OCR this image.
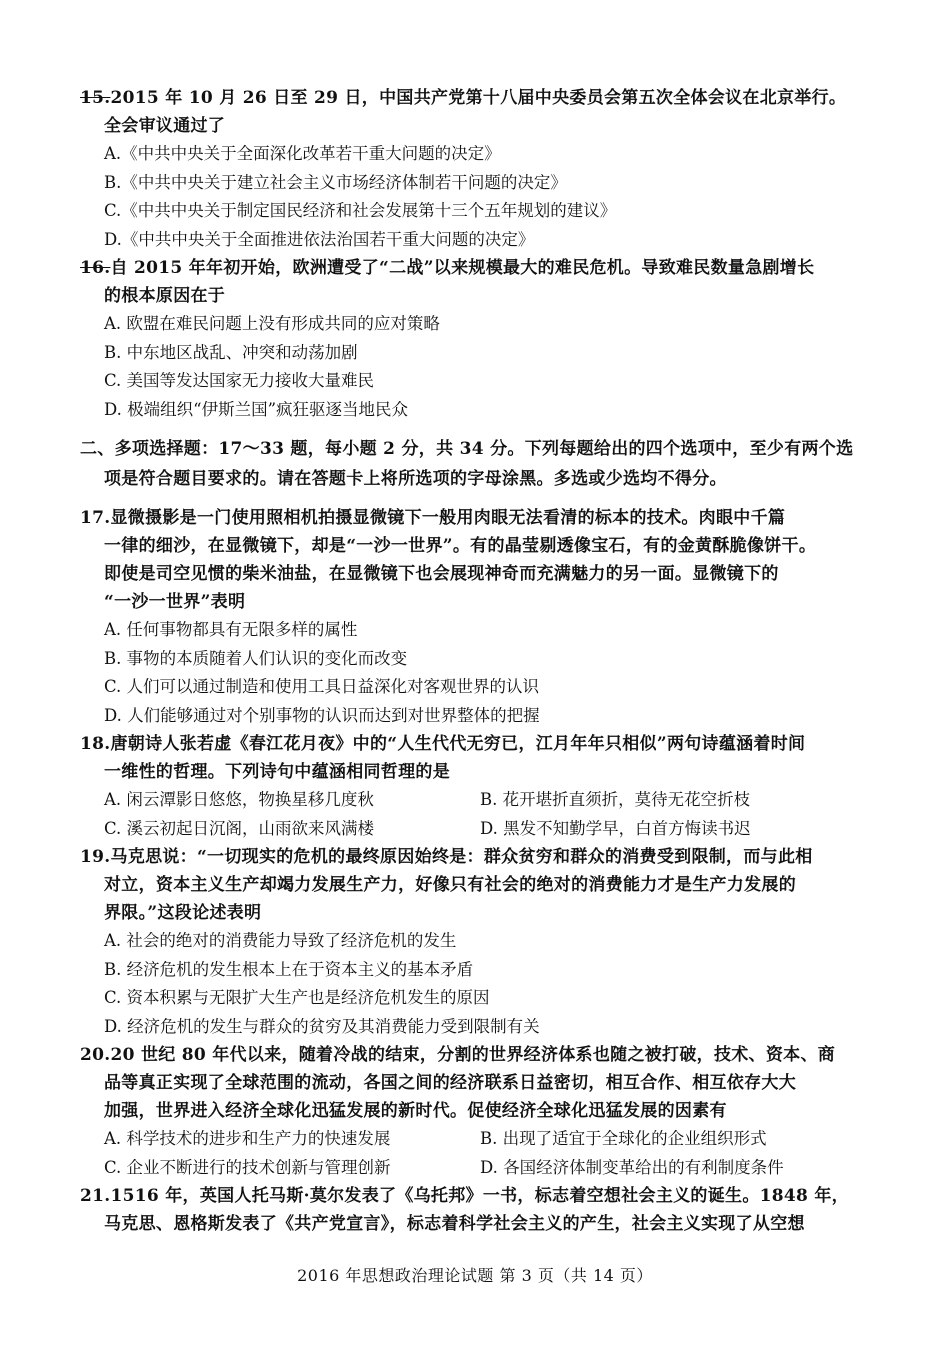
15.2015 年 10 月 26 日至 29 日，中国共产党第十八届中央委员会第五次全体会议在北京举行。

全会审议通过了

A.《中共中央关于全面深化改革若干重大问题的决定》

B.《中共中央关于建立社会主义市场经济体制若干问题的决定》

C.《中共中央关于制定国民经济和社会发展第十三个五年规划的建议》

D.《中共中央关于全面推进依法治国若干重大问题的决定》

16.自 2015 年年初开始，欧洲遭受了“二战”以来规模最大的难民危机。导致难民数量急剧增长

的根本原因在于

A. 欧盟在难民问题上没有形成共同的应对策略

B. 中东地区战乱、冲突和动荡加剧

C. 美国等发达国家无力接收大量难民

D. 极端组织“伊斯兰国”疯狂驱逐当地民众

二、多项选择题：17～33 题，每小题 2 分，共 34 分。下列每题给出的四个选项中，至少有两个选

项是符合题目要求的。请在答题卡上将所选项的字母涂黑。多选或少选均不得分。

17.显微摄影是一门使用照相机拍摄显微镜下一般用肉眼无法看清的标本的技术。肉眼中千篇

一律的细沙，在显微镜下，却是“一沙一世界”。有的晶莹剔透像宝石，有的金黄酥脆像饼干。

即使是司空见惯的柴米油盐，在显微镜下也会展现神奇而充满魅力的另一面。显微镜下的

“一沙一世界”表明

A. 任何事物都具有无限多样的属性

B. 事物的本质随着人们认识的变化而改变

C. 人们可以通过制造和使用工具日益深化对客观世界的认识

D. 人们能够通过对个别事物的认识而达到对世界整体的把握

18.唐朝诗人张若虚《春江花月夜》中的“人生代代无穷已，江月年年只相似”两句诗蕴涵着时间

一维性的哲理。下列诗句中蕴涵相同哲理的是

A. 闲云潭影日悠悠，物换星移几度秋	B. 花开堪折直须折，莫待无花空折枝
C. 溪云初起日沉阁，山雨欲来风满楼	D. 黑发不知勤学早，白首方悔读书迟

19.马克思说：“一切现实的危机的最终原因始终是：群众贫穷和群众的消费受到限制，而与此相

对立，资本主义生产却竭力发展生产力，好像只有社会的绝对的消费能力才是生产力发展的

界限。”这段论述表明

A. 社会的绝对的消费能力导致了经济危机的发生

B. 经济危机的发生根本上在于资本主义的基本矛盾

C. 资本积累与无限扩大生产也是经济危机发生的原因

D. 经济危机的发生与群众的贫穷及其消费能力受到限制有关

20.20 世纪 80 年代以来，随着冷战的结束，分割的世界经济体系也随之被打破，技术、资本、商

品等真正实现了全球范围的流动，各国之间的经济联系日益密切，相互合作、相互依存大大

加强，世界进入经济全球化迅猛发展的新时代。促使经济全球化迅猛发展的因素有

A. 科学技术的进步和生产力的快速发展	B. 出现了适宜于全球化的企业组织形式
C. 企业不断进行的技术创新与管理创新	D. 各国经济体制变革给出的有利制度条件

21.1516 年，英国人托马斯·莫尔发表了《乌托邦》一书，标志着空想社会主义的诞生。1848 年，

马克思、恩格斯发表了《共产党宣言》，标志着科学社会主义的产生，社会主义实现了从空想

2016 年思想政治理论试题 第 3 页（共 14 页）
